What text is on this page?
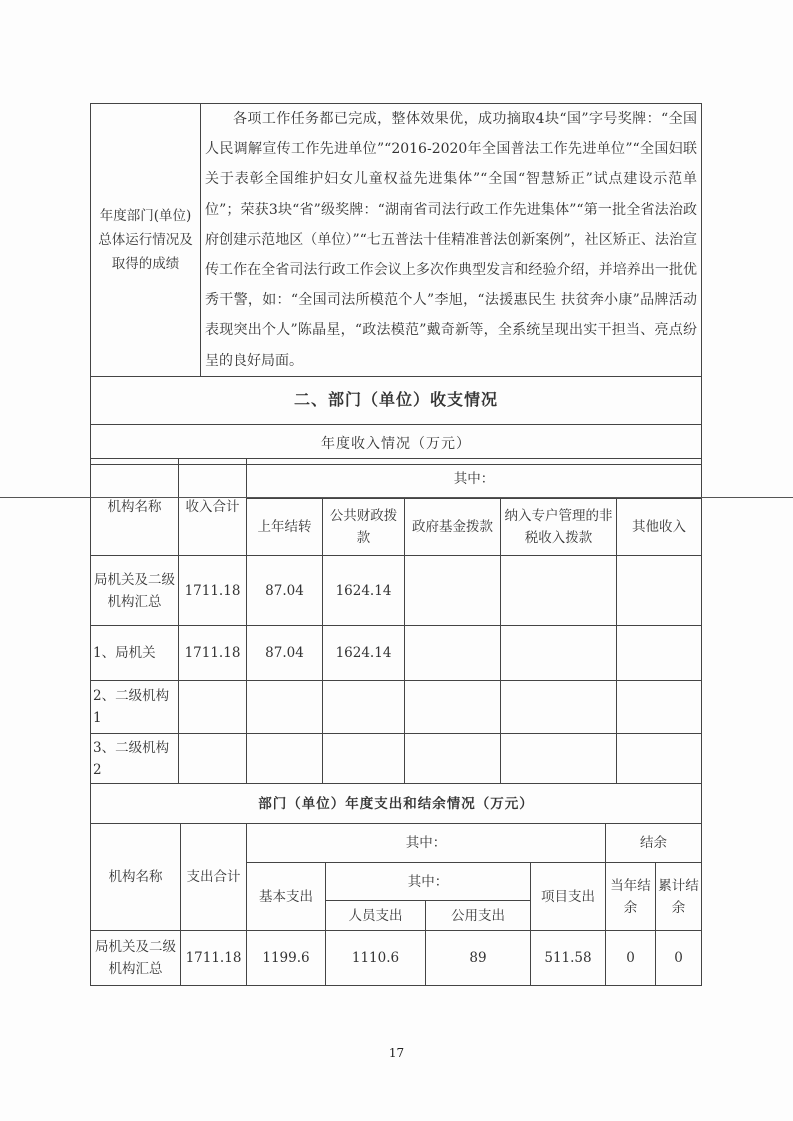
年度部门(单位)总体运行情况及取得的成绩	各项工作任务都已完成，整体效果优，成功摘取4块“国”字号奖牌：“全国人民调解宣传工作先进单位”“2016-2020年全国普法工作先进单位”“全国妇联关于表彰全国维护妇女儿童权益先进集体”“全国“智慧矫正”试点建设示范单位”；荣获3块“省”级奖牌：“湖南省司法行政工作先进集体”“第一批全省法治政府创建示范地区（单位）”“七五普法十佳精准普法创新案例”，社区矫正、法治宣传工作在全省司法行政工作会议上多次作典型发言和经验介绍，并培养出一批优秀干警，如：“全国司法所模范个人”李旭，“法援惠民生 扶贫奔小康”品牌活动表现突出个人”陈晶星，“政法模范”戴奇新等，全系统呈现出实干担当、亮点纷呈的良好局面。
二、部门（单位）收支情况
年度收入情况（万元）
机构名称	收入合计	其中：				
		上年结转	公共财政拨款	政府基金拨款	纳入专户管理的非税收入拨款	其他收入
局机关及二级机构汇总	1711.18	87.04	1624.14			
1、局机关	1711.18	87.04	1624.14			
2、二级机构1						
3、二级机构2						
部门（单位）年度支出和结余情况（万元）						
机构名称	支出合计	其中：				结余	
		基本支出	其中：		项目支出	当年结余	累计结余
			人员支出	公用支出			
局机关及二级机构汇总	1711.18	1199.6	1110.6	89	511.58	0	0
17
